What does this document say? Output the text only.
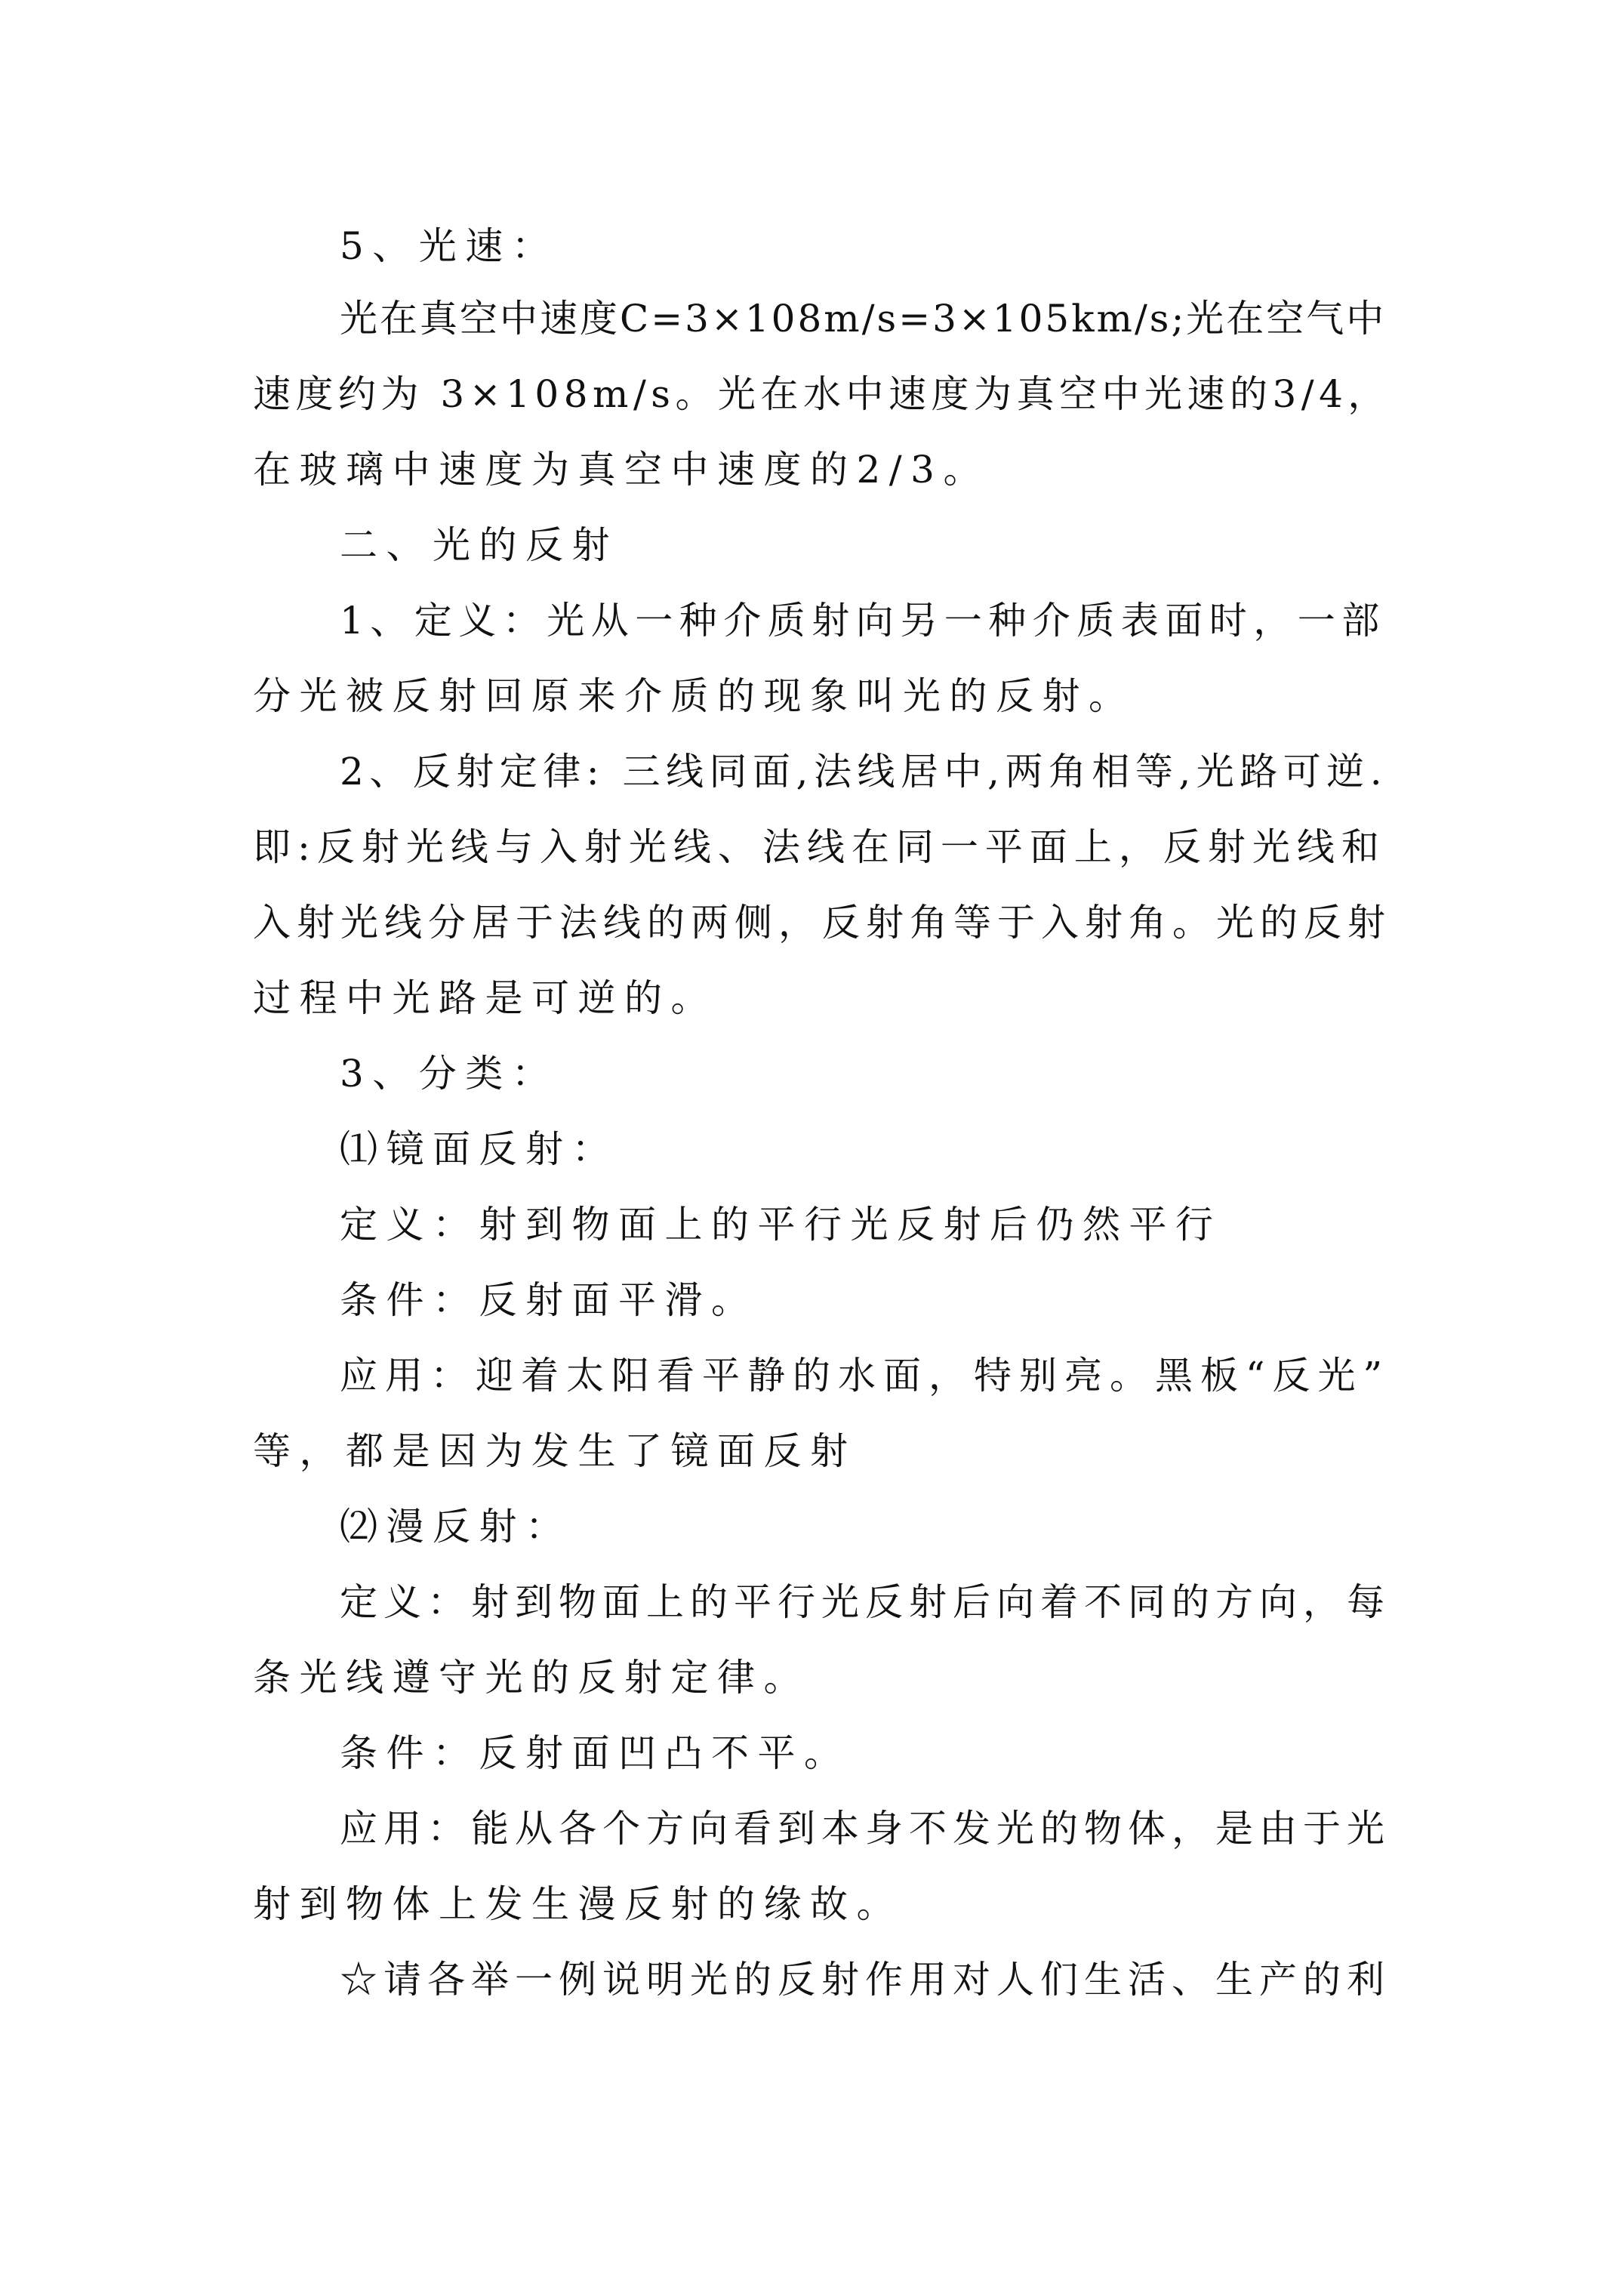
5、光速：
光在真空中速度C=3×108m/s=3×105km/s;光在空气中
速度约为 3×108m/s。光在水中速度为真空中光速的3/4，
在玻璃中速度为真空中速度的2/3。
二、光的反射
1、定义：光从一种介质射向另一种介质表面时，一部
分光被反射回原来介质的现象叫光的反射。
2、反射定律: 三线同面,法线居中,两角相等,光路可逆.
即:反射光线与入射光线、法线在同一平面上，反射光线和
入射光线分居于法线的两侧，反射角等于入射角。光的反射
过程中光路是可逆的。
3、分类：
⑴镜面反射：
定义：射到物面上的平行光反射后仍然平行
条件：反射面平滑。
应用：迎着太阳看平静的水面，特别亮。黑板“反光”
等，都是因为发生了镜面反射
⑵漫反射：
定义：射到物面上的平行光反射后向着不同的方向，每
条光线遵守光的反射定律。
条件：反射面凹凸不平。
应用：能从各个方向看到本身不发光的物体，是由于光
射到物体上发生漫反射的缘故。
☆请各举一例说明光的反射作用对人们生活、生产的利
